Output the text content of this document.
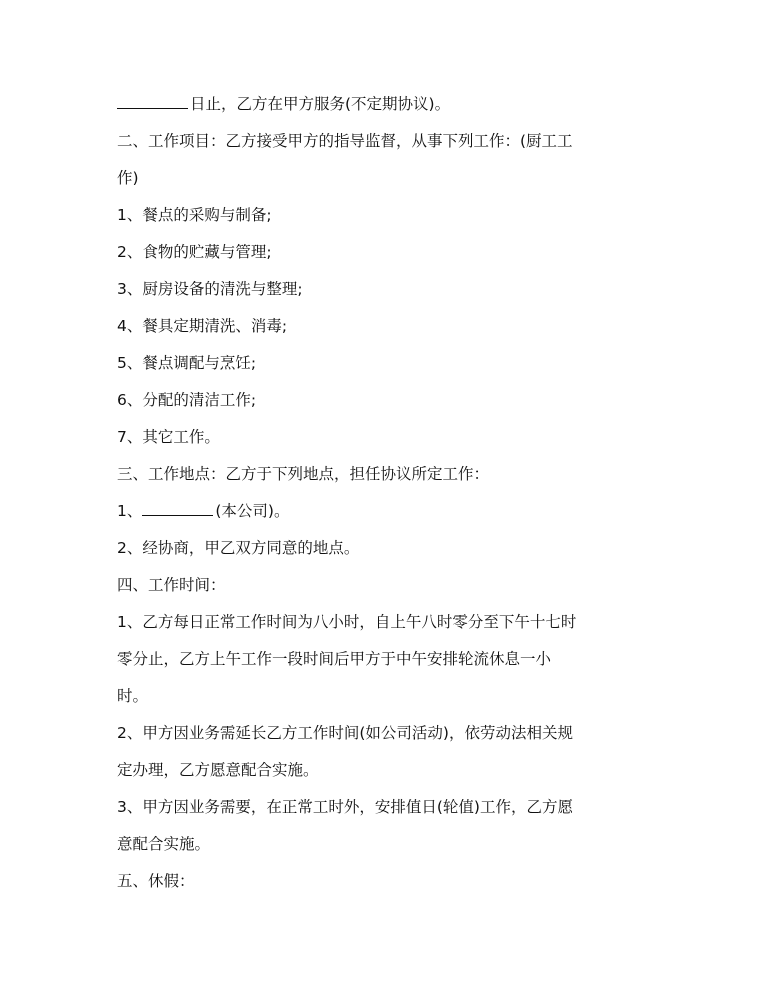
日止，乙方在甲方服务(不定期协议)。
二、工作项目：乙方接受甲方的指导监督，从事下列工作：(厨工工
作)
1、餐点的采购与制备;
2、食物的贮藏与管理;
3、厨房设备的清洗与整理;
4、餐具定期清洗、消毒;
5、餐点调配与烹饪;
6、分配的清洁工作;
7、其它工作。
三、工作地点：乙方于下列地点，担任协议所定工作：
1、	(本公司)。
2、经协商，甲乙双方同意的地点。
四、工作时间：
1、乙方每日正常工作时间为八小时，自上午八时零分至下午十七时
零分止，乙方上午工作一段时间后甲方于中午安排轮流休息一小
时。
2、甲方因业务需延长乙方工作时间(如公司活动)，依劳动法相关规
定办理，乙方愿意配合实施。
3、甲方因业务需要，在正常工时外，安排值日(轮值)工作，乙方愿
意配合实施。
五、休假：
